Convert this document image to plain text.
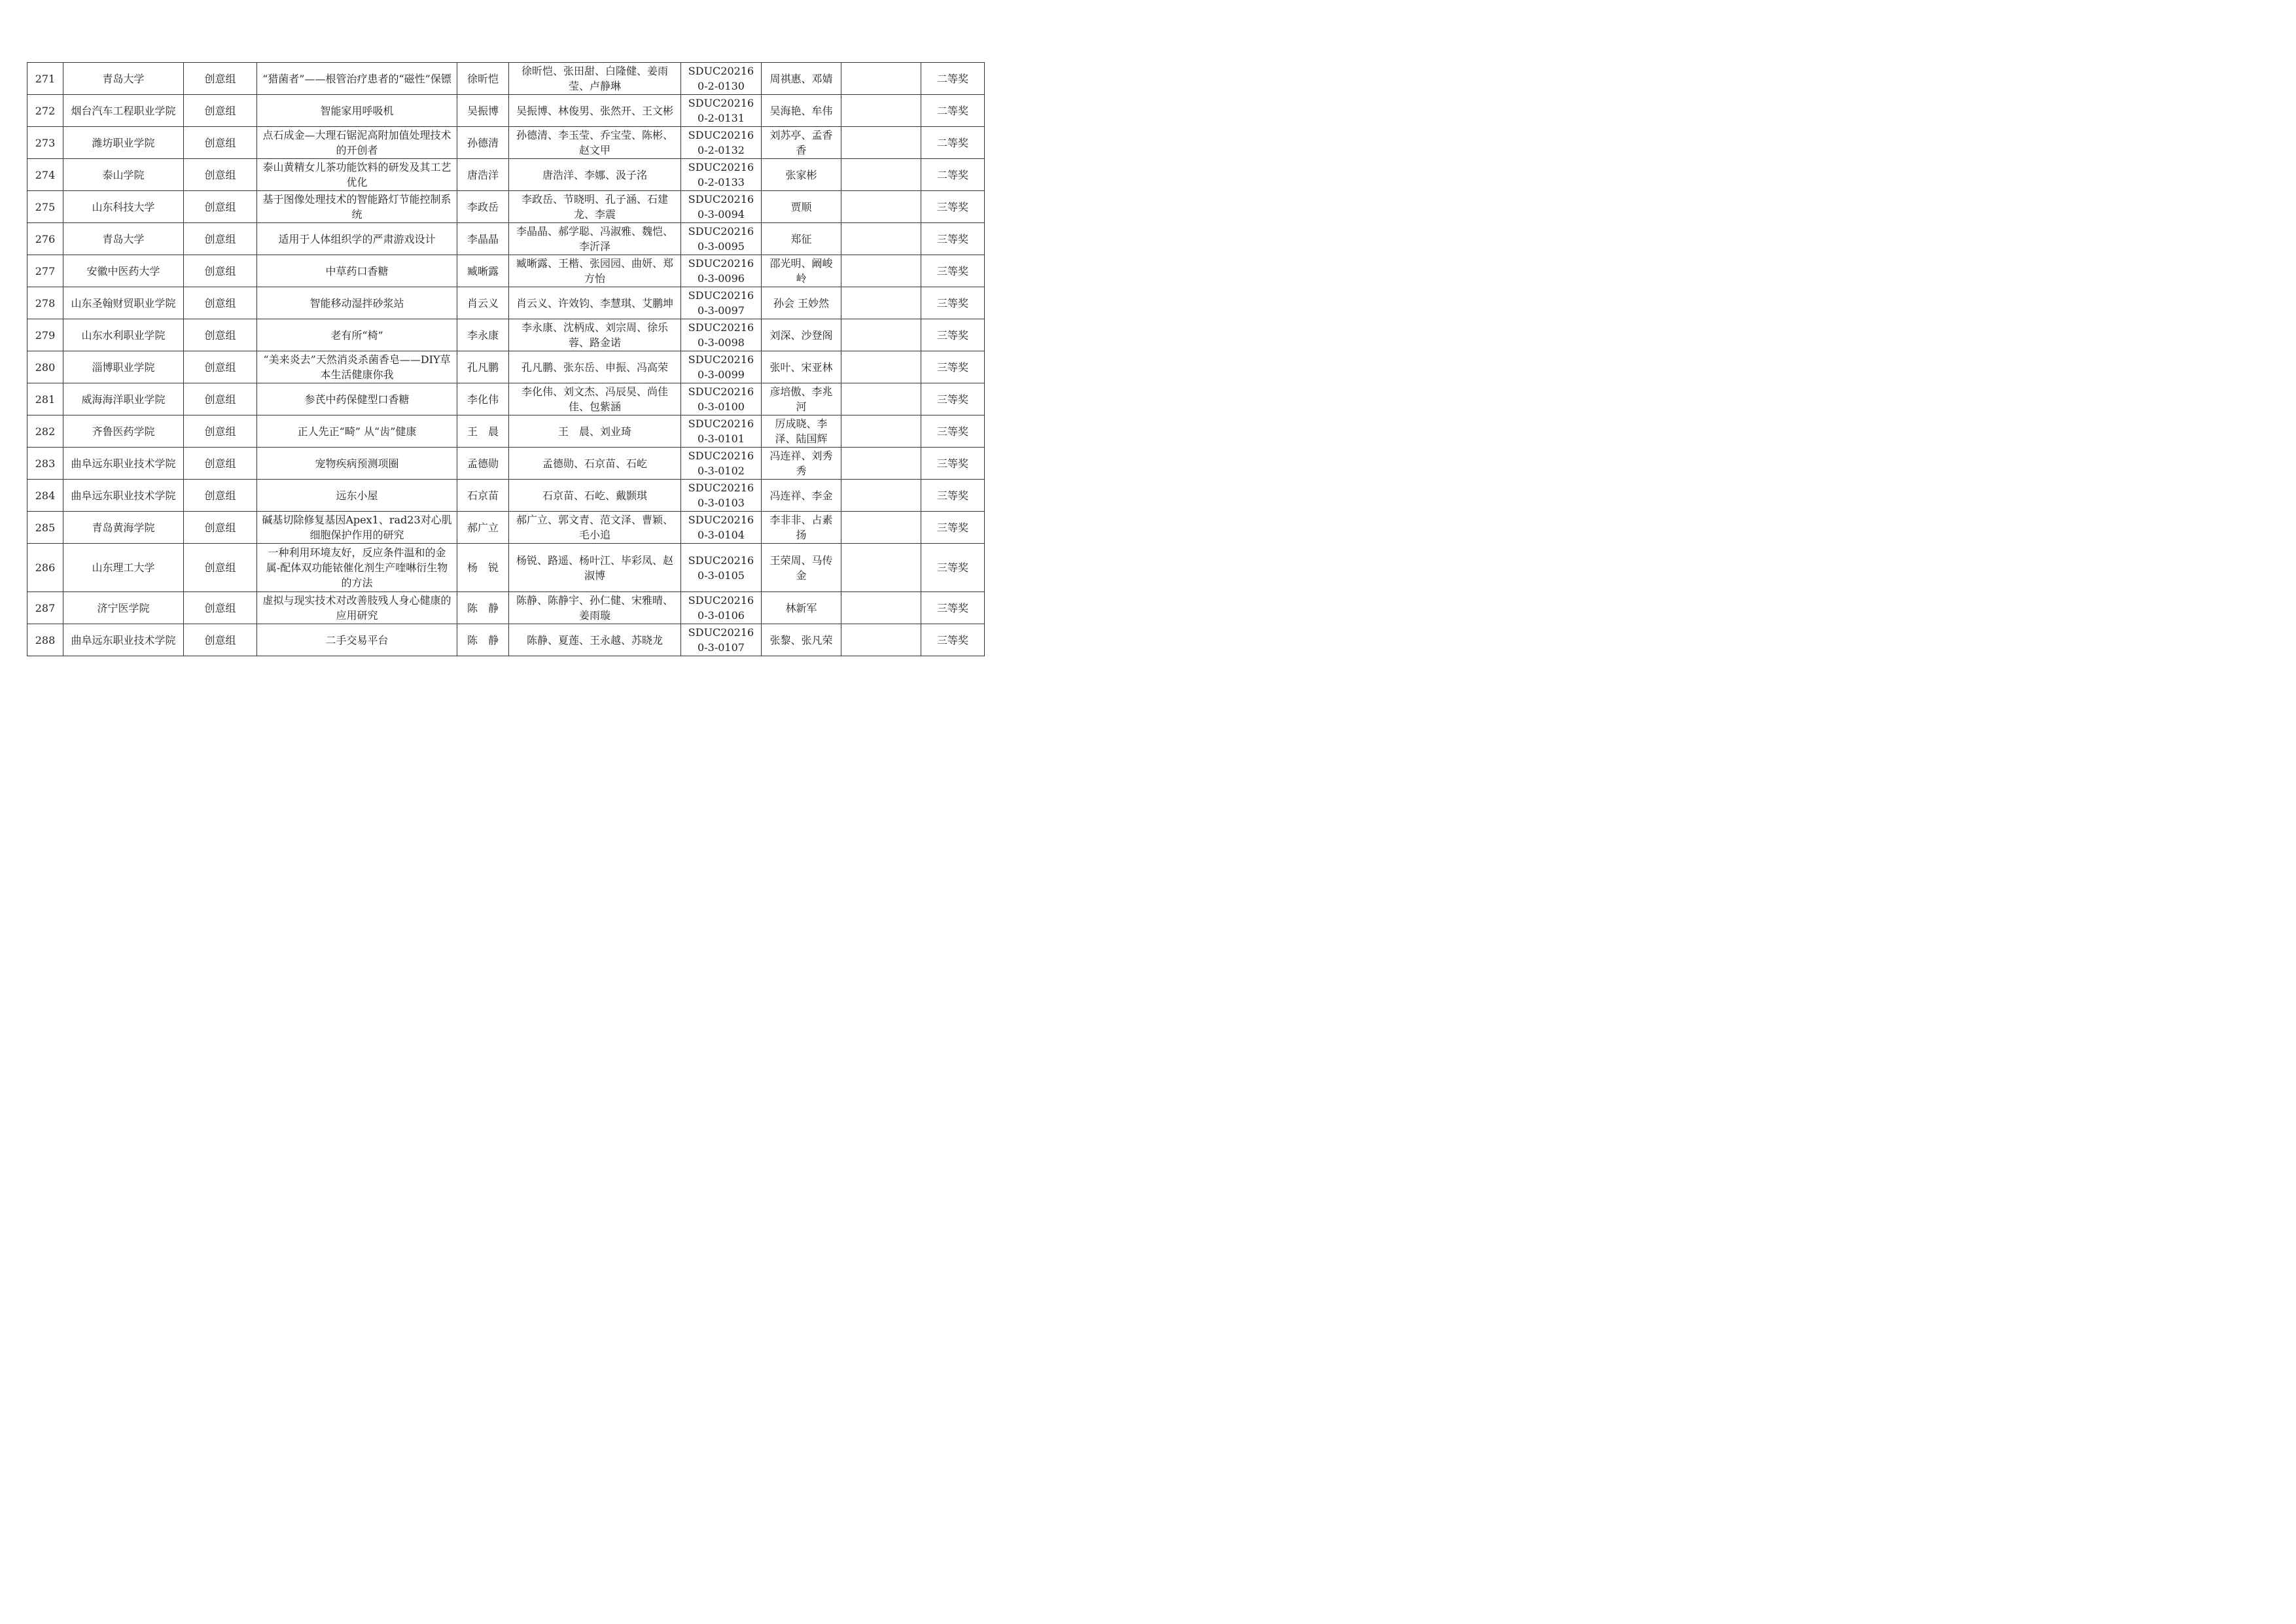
271	青岛大学	创意组	“猎菌者”——根管治疗患者的“磁性”保镖	徐昕恺	徐昕恺、张田甜、白隆健、姜雨莹、卢静琳	SDUC202160-2-0130	周祺惠、邓婧		二等奖
272	烟台汽车工程职业学院	创意组	智能家用呼吸机	吴振博	吴振博、林俊男、张然开、王文彬	SDUC202160-2-0131	吴海艳、牟伟		二等奖
273	潍坊职业学院	创意组	点石成金—大理石锯泥高附加值处理技术的开创者	孙德清	孙德清、李玉莹、乔宝莹、陈彬、赵文甲	SDUC202160-2-0132	刘苏亭、孟香香		二等奖
274	泰山学院	创意组	泰山黄精女儿茶功能饮料的研发及其工艺优化	唐浩洋	唐浩洋、李娜、汲子洺	SDUC202160-2-0133	张家彬		二等奖
275	山东科技大学	创意组	基于图像处理技术的智能路灯节能控制系统	李政岳	李政岳、节晓明、孔子涵、石建龙、李震	SDUC202160-3-0094	贾顺		三等奖
276	青岛大学	创意组	适用于人体组织学的严肃游戏设计	李晶晶	李晶晶、郝学聪、冯淑雅、魏恺、李沂泽	SDUC202160-3-0095	郑征		三等奖
277	安徽中医药大学	创意组	中草药口香糖	臧晰露	臧晰露、王楷、张园园、曲妍、郑方怡	SDUC202160-3-0096	邵光明、阚峻岭		三等奖
278	山东圣翰财贸职业学院	创意组	智能移动湿拌砂浆站	肖云义	肖云义、许效钧、李慧琪、艾鹏坤	SDUC202160-3-0097	孙会 王妙然		三等奖
279	山东水利职业学院	创意组	老有所“椅”	李永康	李永康、沈柄成、刘宗周、徐乐蓉、路金诺	SDUC202160-3-0098	刘深、沙登阁		三等奖
280	淄博职业学院	创意组	“美来炎去”天然消炎杀菌香皂——DIY草本生活健康你我	孔凡鹏	孔凡鹏、张东岳、申振、冯高荣	SDUC202160-3-0099	张叶、宋亚林		三等奖
281	威海海洋职业学院	创意组	参芪中药保健型口香糖	李化伟	李化伟、刘文杰、冯辰昊、尚佳佳、包紫涵	SDUC202160-3-0100	彦培傲、李兆河		三等奖
282	齐鲁医药学院	创意组	正人先正“畸” 从“齿”健康	王　晨	王　晨、刘业琦	SDUC202160-3-0101	厉成晓、李泽、陆国辉		三等奖
283	曲阜远东职业技术学院	创意组	宠物疾病预测项圈	孟德勋	孟德勋、石京苗、石屹	SDUC202160-3-0102	冯连祥、刘秀秀		三等奖
284	曲阜远东职业技术学院	创意组	远东小屋	石京苗	石京苗、石屹、戴颢琪	SDUC202160-3-0103	冯连祥、李金		三等奖
285	青岛黄海学院	创意组	碱基切除修复基因Apex1、rad23对心肌细胞保护作用的研究	郝广立	郝广立、郭文青、范文泽、曹颖、毛小追	SDUC202160-3-0104	李非非、占素扬		三等奖
286	山东理工大学	创意组	一种利用环境友好，反应条件温和的金属-配体双功能铱催化剂生产喹啉衍生物的方法	杨　锐	杨锐、路遥、杨叶江、毕彩凤、赵淑博	SDUC202160-3-0105	王荣周、马传金		三等奖
287	济宁医学院	创意组	虚拟与现实技术对改善肢残人身心健康的应用研究	陈　静	陈静、陈静宇、孙仁健、宋雅晴、姜雨璇	SDUC202160-3-0106	林新军		三等奖
288	曲阜远东职业技术学院	创意组	二手交易平台	陈　静	陈静、夏莲、王永越、苏晓龙	SDUC202160-3-0107	张黎、张凡荣		三等奖
